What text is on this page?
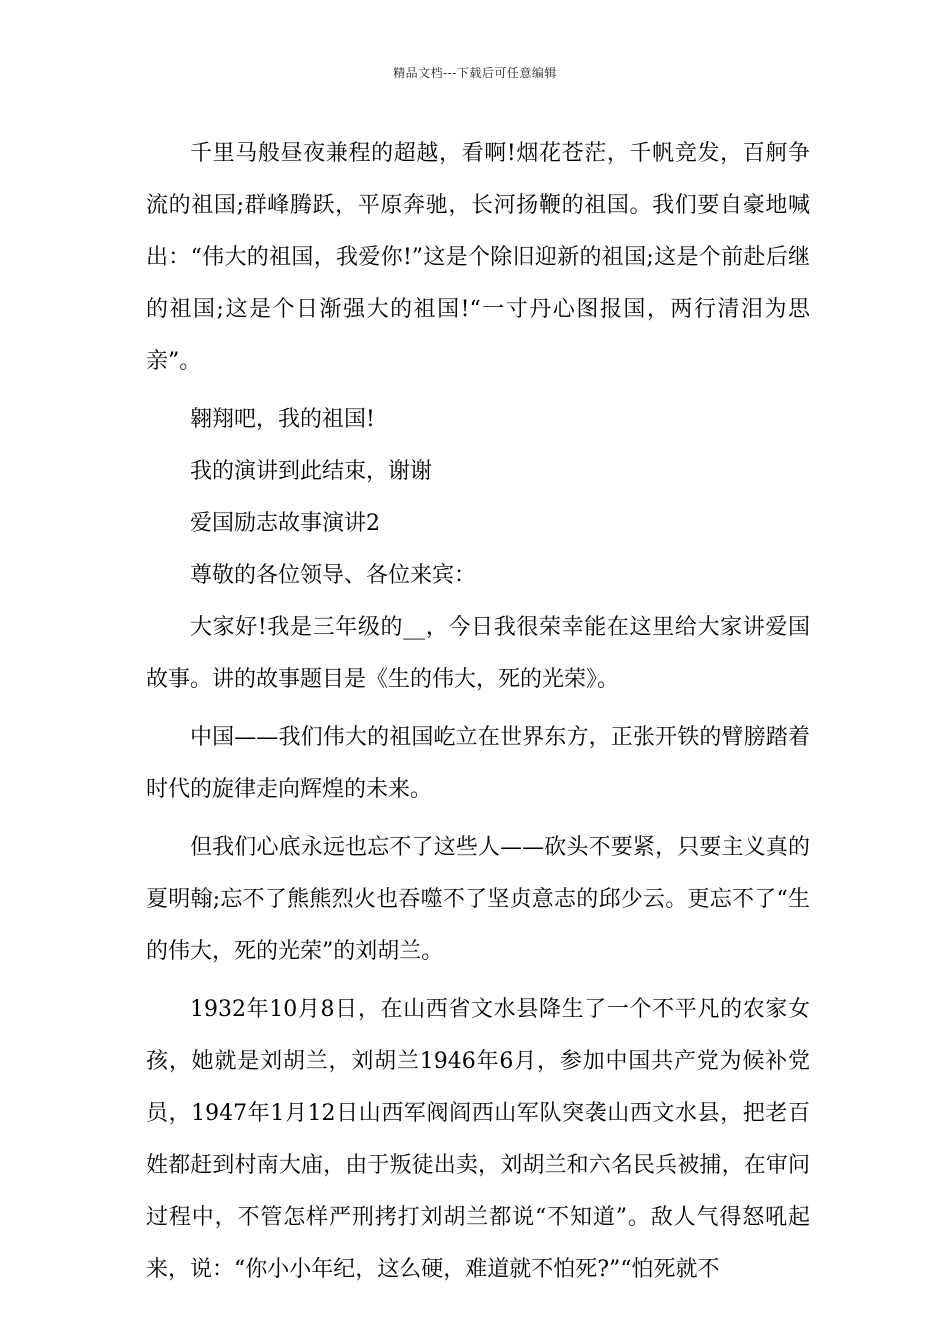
精品文档---下载后可任意编辑

千里马般昼夜兼程的超越，看啊!烟花苍茫，千帆竞发，百舸争流的祖国;群峰腾跃，平原奔驰，长河扬鞭的祖国。我们要自豪地喊出：“伟大的祖国，我爱你!”这是个除旧迎新的祖国;这是个前赴后继的祖国;这是个日渐强大的祖国!“一寸丹心图报国，两行清泪为思亲”。

翱翔吧，我的祖国!

我的演讲到此结束，谢谢

爱国励志故事演讲2

尊敬的各位领导、各位来宾：

大家好!我是三年级的__，今日我很荣幸能在这里给大家讲爱国故事。讲的故事题目是《生的伟大，死的光荣》。

中国——我们伟大的祖国屹立在世界东方，正张开铁的臂膀踏着时代的旋律走向辉煌的未来。

但我们心底永远也忘不了这些人——砍头不要紧，只要主义真的夏明翰;忘不了熊熊烈火也吞噬不了坚贞意志的邱少云。更忘不了“生的伟大，死的光荣”的刘胡兰。

1932年10月8日，在山西省文水县降生了一个不平凡的农家女孩，她就是刘胡兰，刘胡兰1946年6月，参加中国共产党为候补党员，1947年1月12日山西军阀阎西山军队突袭山西文水县，把老百姓都赶到村南大庙，由于叛徒出卖，刘胡兰和六名民兵被捕，在审问过程中，不管怎样严刑拷打刘胡兰都说“不知道”。敌人气得怒吼起来，说：“你小小年纪，这么硬，难道就不怕死?”“怕死就不
